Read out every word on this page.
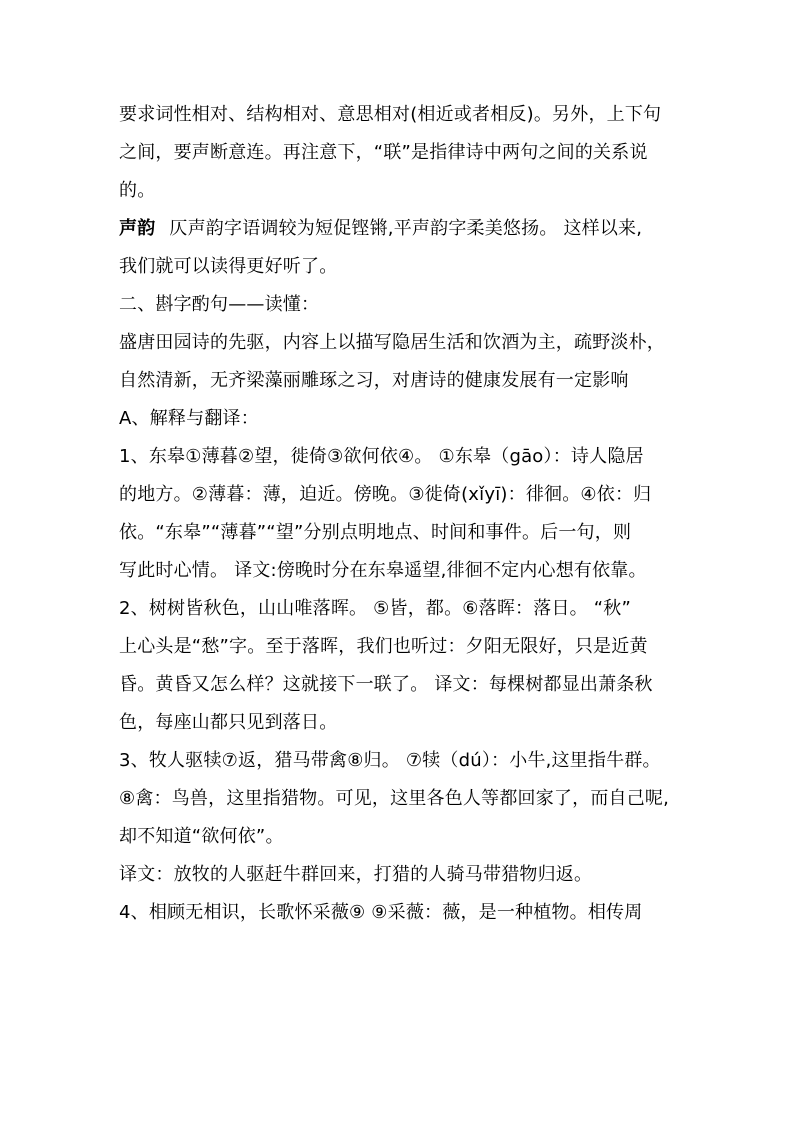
要求词性相对、结构相对、意思相对(相近或者相反)。另外，上下句
之间，要声断意连。再注意下，“联”是指律诗中两句之间的关系说
的。
声韵 仄声韵字语调较为短促铿锵,平声韵字柔美悠扬。 这样以来,
我们就可以读得更好听了。
二、斟字酌句——读懂：
盛唐田园诗的先驱，内容上以描写隐居生活和饮酒为主，疏野淡朴，
自然清新，无齐梁藻丽雕琢之习，对唐诗的健康发展有一定影响
A、解释与翻译：
1、东皋①薄暮②望，徙倚③欲何依④。 ①东皋（gāo）：诗人隐居
的地方。②薄暮：薄，迫近。傍晚。③徙倚(xǐyī)：徘徊。④依：归
依。“东皋”“薄暮”“望”分别点明地点、时间和事件。后一句，则
写此时心情。 译文:傍晚时分在东皋遥望,徘徊不定内心想有依靠。
2、树树皆秋色，山山唯落晖。 ⑤皆，都。⑥落晖：落日。 “秋”
上心头是“愁”字。至于落晖，我们也听过：夕阳无限好，只是近黄
昏。黄昏又怎么样？这就接下一联了。 译文：每棵树都显出萧条秋
色，每座山都只见到落日。
3、牧人驱犊⑦返，猎马带禽⑧归。 ⑦犊（dú）：小牛,这里指牛群。
⑧禽：鸟兽，这里指猎物。可见，这里各色人等都回家了，而自己呢,
却不知道“欲何依”。
译文：放牧的人驱赶牛群回来，打猎的人骑马带猎物归返。
4、相顾无相识，长歌怀采薇⑨ ⑨采薇：薇，是一种植物。相传周
